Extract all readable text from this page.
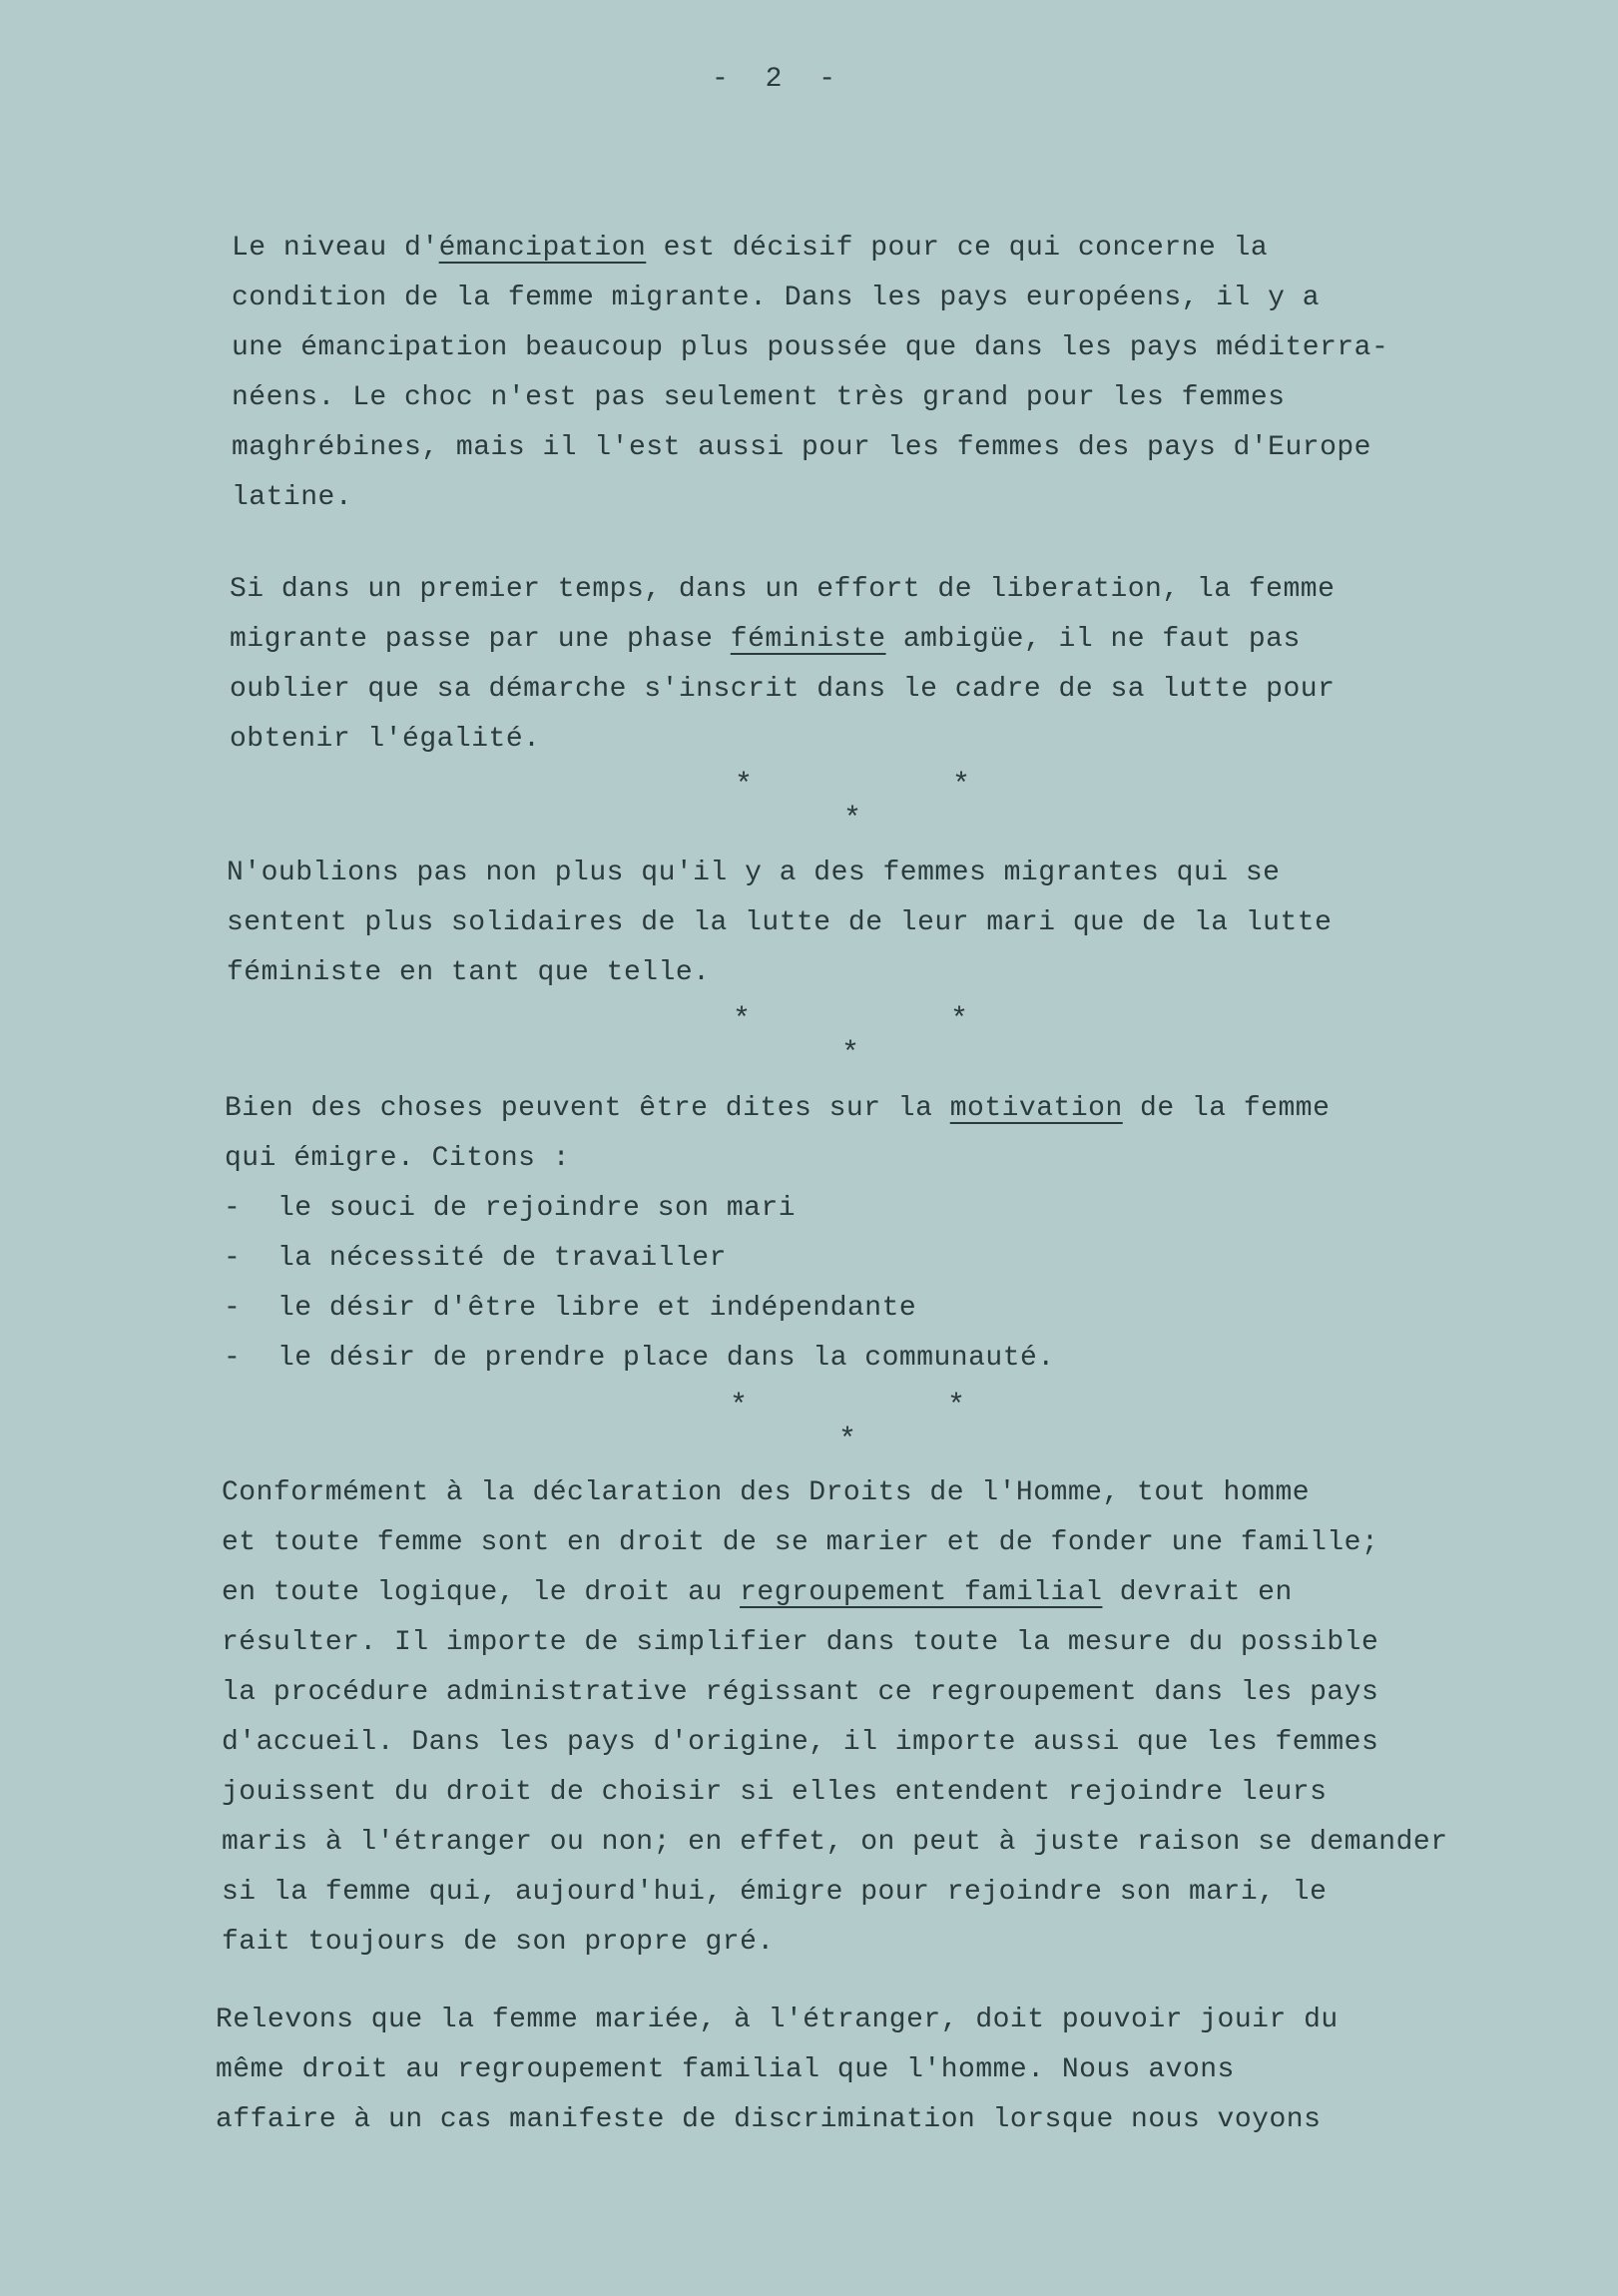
- 2 -
Le niveau d'émancipation est décisif pour ce qui concerne la
condition de la femme migrante. Dans les pays européens, il y a
une émancipation beaucoup plus poussée que dans les pays méditerra-
néens. Le choc n'est pas seulement très grand pour les femmes
maghrébines, mais il l'est aussi pour les femmes des pays d'Europe
latine.
Si dans un premier temps, dans un effort de liberation, la femme
migrante passe par une phase féministe ambigüe, il ne faut pas
oublier que sa démarche s'inscrit dans le cadre de sa lutte pour
obtenir l'égalité.
*	*
*
N'oublions pas non plus qu'il y a des femmes migrantes qui se
sentent plus solidaires de la lutte de leur mari que de la lutte
féministe en tant que telle.
*	*
*
Bien des choses peuvent être dites sur la motivation de la femme
qui émigre. Citons :
- le souci de rejoindre son mari
- la nécessité de travailler
- le désir d'être libre et indépendante
- le désir de prendre place dans la communauté.
*	*
*
Conformément à la déclaration des Droits de l'Homme, tout homme
et toute femme sont en droit de se marier et de fonder une famille;
en toute logique, le droit au regroupement familial devrait en
résulter. Il importe de simplifier dans toute la mesure du possible
la procédure administrative régissant ce regroupement dans les pays
d'accueil. Dans les pays d'origine, il importe aussi que les femmes
jouissent du droit de choisir si elles entendent rejoindre leurs
maris à l'étranger ou non; en effet, on peut à juste raison se demander
si la femme qui, aujourd'hui, émigre pour rejoindre son mari, le
fait toujours de son propre gré.
Relevons que la femme mariée, à l'étranger, doit pouvoir jouir du
même droit au regroupement familial que l'homme. Nous avons
affaire à un cas manifeste de discrimination lorsque nous voyons
